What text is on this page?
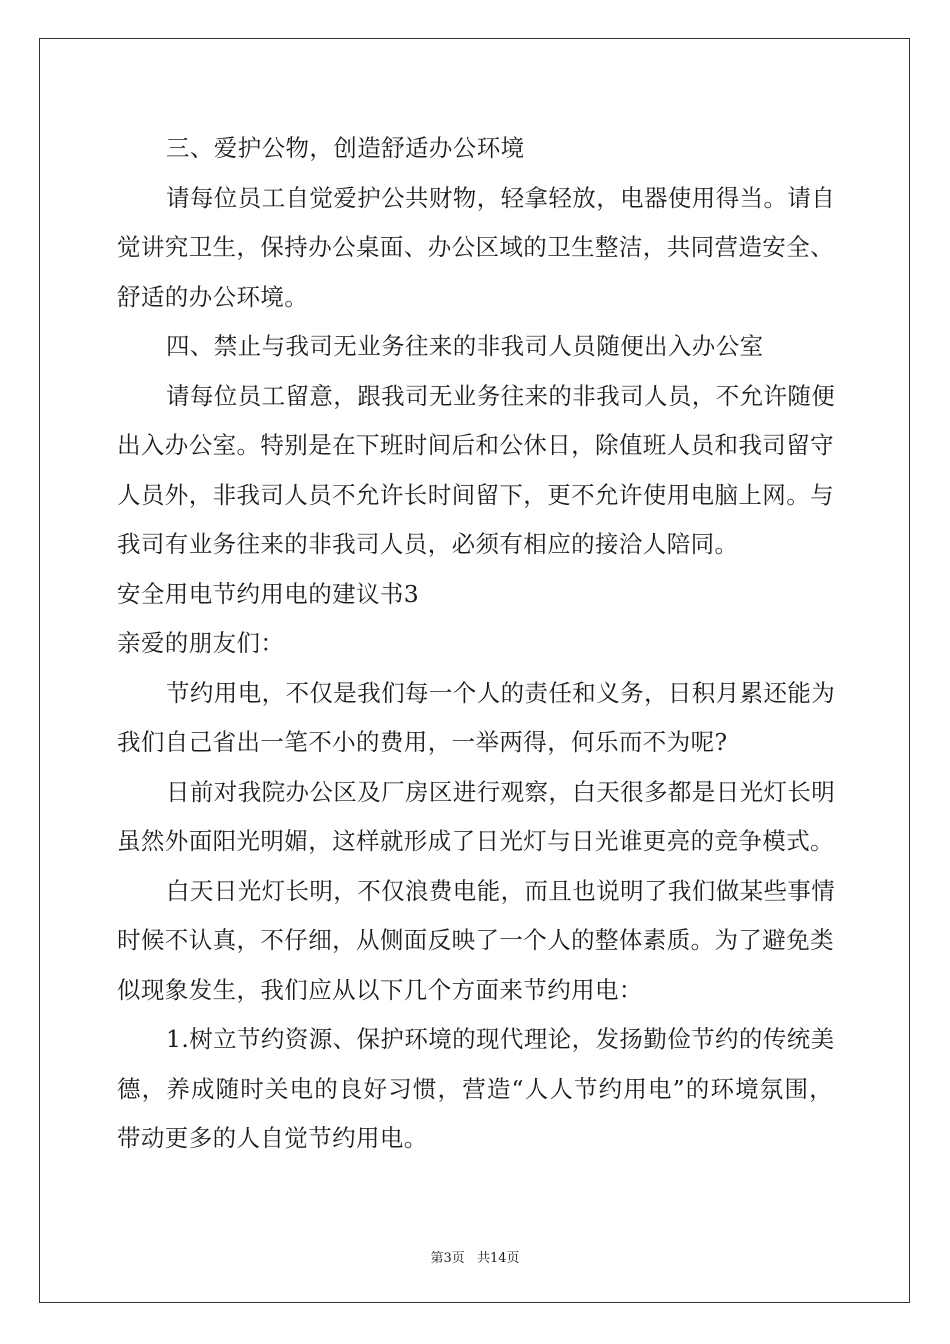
三、爱护公物，创造舒适办公环境
请每位员工自觉爱护公共财物，轻拿轻放，电器使用得当。请自
觉讲究卫生，保持办公桌面、办公区域的卫生整洁，共同营造安全、
舒适的办公环境。
四、禁止与我司无业务往来的非我司人员随便出入办公室
请每位员工留意，跟我司无业务往来的非我司人员，不允许随便
出入办公室。特别是在下班时间后和公休日，除值班人员和我司留守
人员外，非我司人员不允许长时间留下，更不允许使用电脑上网。与
我司有业务往来的非我司人员，必须有相应的接洽人陪同。
安全用电节约用电的建议书3
亲爱的朋友们：
节约用电，不仅是我们每一个人的责任和义务，日积月累还能为
我们自己省出一笔不小的费用，一举两得，何乐而不为呢?
日前对我院办公区及厂房区进行观察，白天很多都是日光灯长明
虽然外面阳光明媚，这样就形成了日光灯与日光谁更亮的竞争模式。
白天日光灯长明，不仅浪费电能，而且也说明了我们做某些事情
时候不认真，不仔细，从侧面反映了一个人的整体素质。为了避免类
似现象发生，我们应从以下几个方面来节约用电：
1.树立节约资源、保护环境的现代理论，发扬勤俭节约的传统美
德，养成随时关电的良好习惯，营造“人人节约用电”的环境氛围，
带动更多的人自觉节约用电。
第3页 共14页
